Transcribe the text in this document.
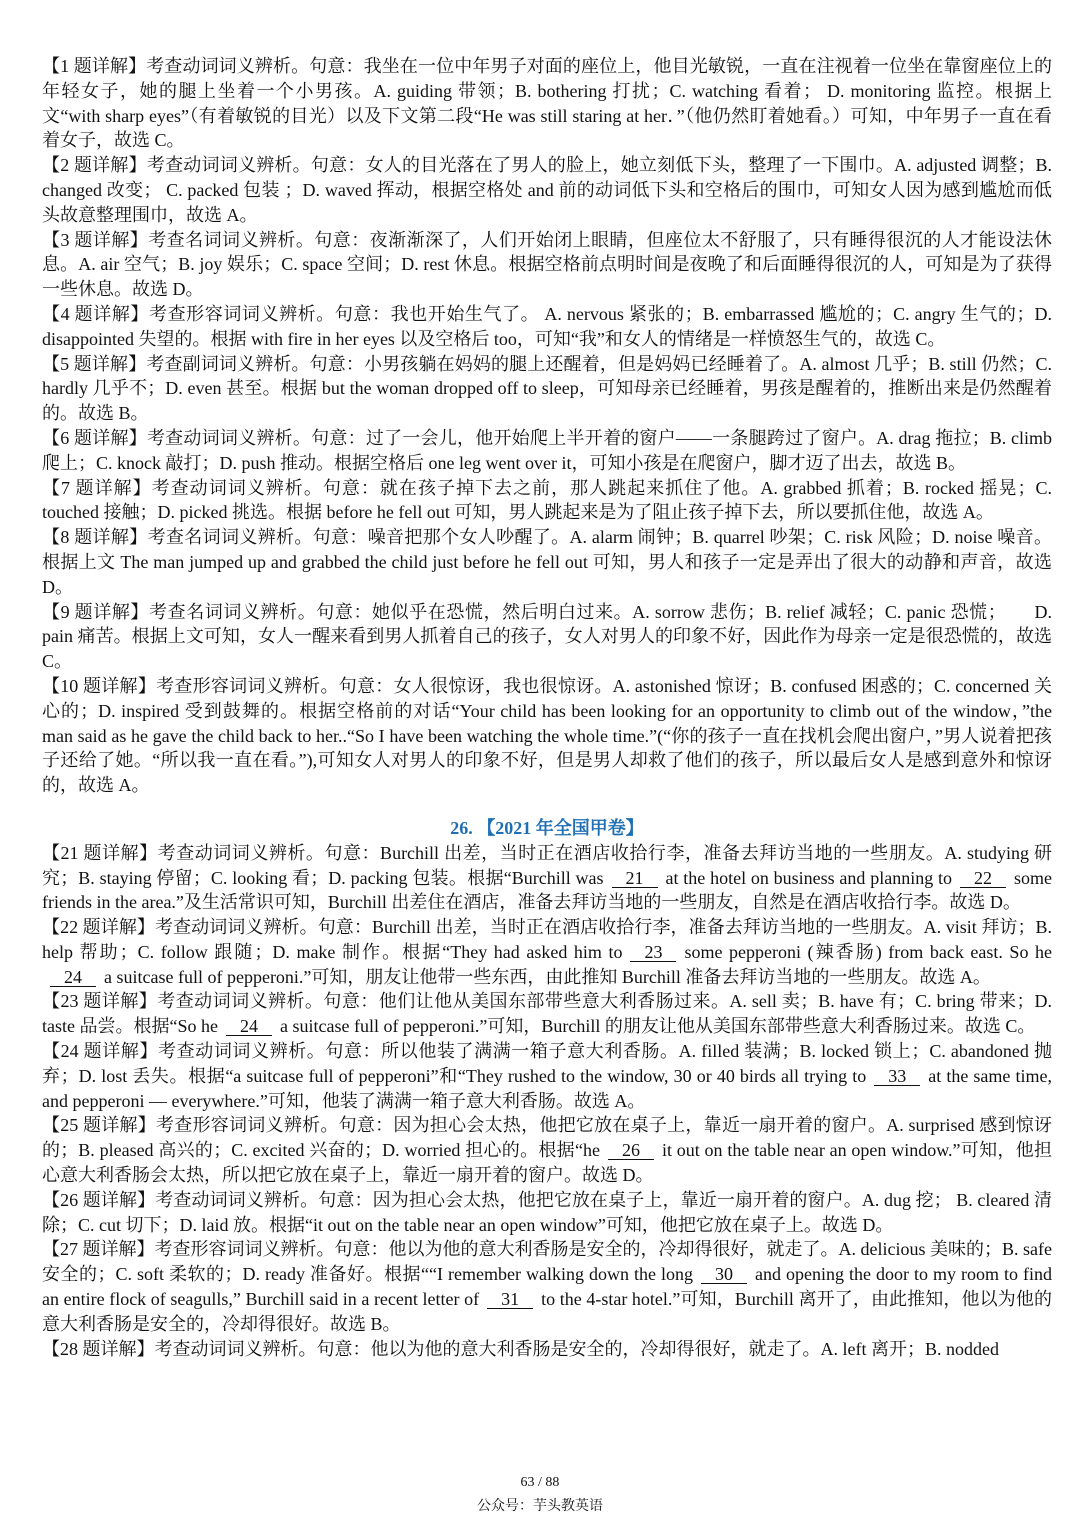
【1 题详解】考查动词词义辨析。句意：我坐在一位中年男子对面的座位上，他目光敏锐，一直在注视着一位坐在靠窗座位上的年轻女子，她的腿上坐着一个小男孩。A. guiding 带领；B. bothering 打扰；C. watching 看着； D. monitoring 监控。根据上文“with sharp eyes”（有着敏锐的目光）以及下文第二段“He was still staring at her．”（他仍然盯着她看。）可知，中年男子一直在看着女子，故选 C。

【2 题详解】考查动词词义辨析。句意：女人的目光落在了男人的脸上，她立刻低下头，整理了一下围巾。A. adjusted 调整；B. changed 改变； C. packed 包装 ；D. waved 挥动，根据空格处 and 前的动词低下头和空格后的围巾，可知女人因为感到尴尬而低头故意整理围巾，故选 A。

【3 题详解】考查名词词义辨析。句意：夜渐渐深了，人们开始闭上眼睛，但座位太不舒服了，只有睡得很沉的人才能设法休息。A. air 空气；B. joy 娱乐；C. space 空间；D. rest 休息。根据空格前点明时间是夜晚了和后面睡得很沉的人，可知是为了获得一些休息。故选 D。

【4 题详解】考查形容词词义辨析。句意：我也开始生气了。 A. nervous 紧张的；B. embarrassed 尴尬的；C. angry 生气的；D. disappointed 失望的。根据 with fire in her eyes 以及空格后 too，可知“我”和女人的情绪是一样愤怒生气的，故选 C。

【5 题详解】考查副词词义辨析。句意：小男孩躺在妈妈的腿上还醒着，但是妈妈已经睡着了。A. almost 几乎；B. still 仍然；C. hardly 几乎不；D. even 甚至。根据 but the woman dropped off to sleep，可知母亲已经睡着，男孩是醒着的，推断出来是仍然醒着的。故选 B。

【6 题详解】考查动词词义辨析。句意：过了一会儿，他开始爬上半开着的窗户——一条腿跨过了窗户。A. drag 拖拉；B. climb 爬上；C. knock 敲打；D. push 推动。根据空格后 one leg went over it，可知小孩是在爬窗户，脚才迈了出去，故选 B。

【7 题详解】考查动词词义辨析。句意：就在孩子掉下去之前，那人跳起来抓住了他。A. grabbed 抓着；B. rocked 摇晃；C. touched 接触；D. picked 挑选。根据 before he fell out 可知，男人跳起来是为了阻止孩子掉下去，所以要抓住他，故选 A。

【8 题详解】考查名词词义辨析。句意：噪音把那个女人吵醒了。A. alarm 闹钟；B. quarrel 吵架；C. risk 风险；D. noise 噪音。根据上文 The man jumped up and grabbed the child just before he fell out 可知，男人和孩子一定是弄出了很大的动静和声音，故选 D。

【9 题详解】考查名词词义辨析。句意：她似乎在恐慌，然后明白过来。A. sorrow 悲伤；B. relief 减轻；C. panic 恐慌；　　D. pain 痛苦。根据上文可知，女人一醒来看到男人抓着自己的孩子，女人对男人的印象不好，因此作为母亲一定是很恐慌的，故选 C。

【10 题详解】考查形容词词义辨析。句意：女人很惊讶，我也很惊讶。A. astonished 惊讶；B. confused 困惑的；C. concerned 关心的；D. inspired 受到鼓舞的。根据空格前的对话“Your child has been looking for an opportunity to climb out of the window，”the man said as he gave the child back to her..“So I have been watching the whole time.”(“你的孩子一直在找机会爬出窗户，”男人说着把孩子还给了她。“所以我一直在看。”),可知女人对男人的印象不好，但是男人却救了他们的孩子，所以最后女人是感到意外和惊讶的，故选 A。

26. 【2021 年全国甲卷】

【21 题详解】考查动词词义辨析。句意：Burchill 出差，当时正在酒店收拾行李，准备去拜访当地的一些朋友。A. studying 研究；B. staying 停留；C. looking 看；D. packing 包装。根据“Burchill was 21 at the hotel on business and planning to 22 some friends in the area.”及生活常识可知，Burchill 出差住在酒店，准备去拜访当地的一些朋友，自然是在酒店收拾行李。故选 D。

【22 题详解】考查动词词义辨析。句意：Burchill 出差，当时正在酒店收拾行李，准备去拜访当地的一些朋友。A. visit 拜访；B. help 帮助；C. follow 跟随；D. make 制作。根据“They had asked him to 23 some pepperoni (辣香肠) from back east. So he24 a suitcase full of pepperoni.”可知，朋友让他带一些东西，由此推知 Burchill 准备去拜访当地的一些朋友。故选 A。

【23 题详解】考查动词词义辨析。句意：他们让他从美国东部带些意大利香肠过来。A. sell 卖；B. have 有；C. bring 带来；D. taste 品尝。根据“So he 24 a suitcase full of pepperoni.”可知，Burchill 的朋友让他从美国东部带些意大利香肠过来。故选 C。

【24 题详解】考查动词词义辨析。句意：所以他装了满满一箱子意大利香肠。A. filled 装满；B. locked 锁上；C. abandoned 抛弃；D. lost 丢失。根据“a suitcase full of pepperoni”和“They rushed to the window, 30 or 40 birds all trying to 33 at the same time, and pepperoni — everywhere.”可知，他装了满满一箱子意大利香肠。故选 A。

【25 题详解】考查形容词词义辨析。句意：因为担心会太热，他把它放在桌子上，靠近一扇开着的窗户。A. surprised 感到惊讶的；B. pleased 高兴的；C. excited 兴奋的；D. worried 担心的。根据“he 26 it out on the table near an open window.”可知，他担心意大利香肠会太热，所以把它放在桌子上，靠近一扇开着的窗户。故选 D。

【26 题详解】考查动词词义辨析。句意：因为担心会太热，他把它放在桌子上，靠近一扇开着的窗户。A. dug 挖； B. cleared 清除；C. cut 切下；D. laid 放。根据“it out on the table near an open window”可知，他把它放在桌子上。故选 D。

【27 题详解】考查形容词词义辨析。句意：他以为他的意大利香肠是安全的，冷却得很好，就走了。A. delicious 美味的；B. safe 安全的；C. soft 柔软的；D. ready 准备好。根据““I remember walking down the long 30 and opening the door to my room to find an entire flock of seagulls,” Burchill said in a recent letter of 31 to the 4-star hotel.”可知，Burchill 离开了，由此推知，他以为他的意大利香肠是安全的，冷却得很好。故选 B。

【28 题详解】考查动词词义辨析。句意：他以为他的意大利香肠是安全的，冷却得很好，就走了。A. left 离开；B. nodded

63 / 88
公众号：芋头教英语
